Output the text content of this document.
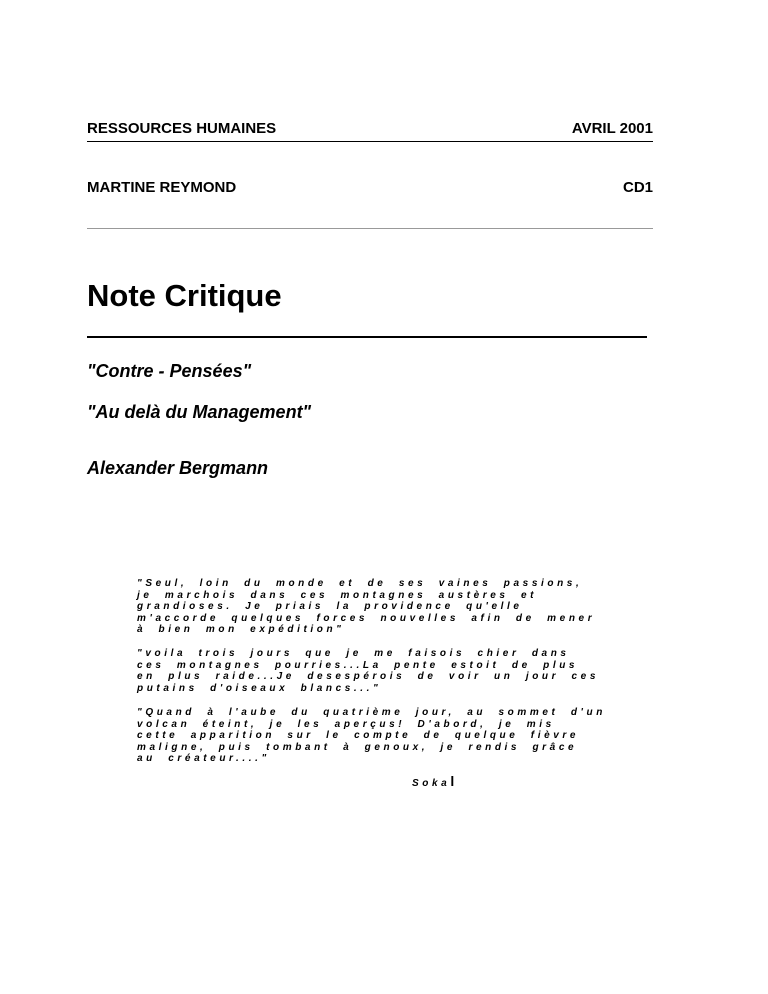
RESSOURCES HUMAINES	AVRIL 2001
MARTINE REYMOND	CD1
Note Critique
"Contre - Pensées"
"Au delà du Management"
Alexander Bergmann

"Seul, loin du monde et de ses vaines passions, je marchois dans ces montagnes austères et grandioses. Je priais la providence qu'elle m'accorde quelques forces nouvelles afin de mener à bien mon expédition"

"voila trois jours que je me faisois chier dans ces montagnes pourries...La pente estoit de plus en plus raide...Je desespérois de voir un jour ces putains d'oiseaux blancs..."

"Quand à l'aube du quatrième jour, au sommet d'un volcan éteint, je les aperçus! D'abord, je mis cette apparition sur le compte de quelque fièvre maligne, puis tombant à genoux, je rendis grâce au créateur...."

Sokal
